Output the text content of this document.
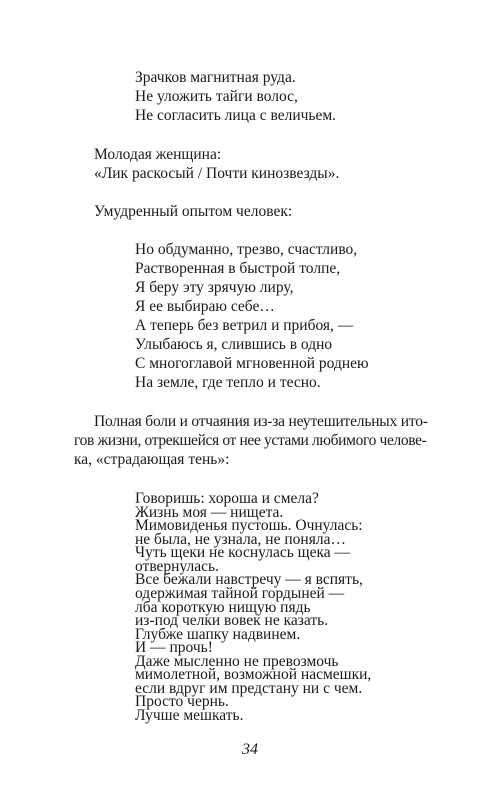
Зрачков магнитная руда.
Не уложить тайги волос,
Не согласить лица с величьем.
Молодая женщина:
«Лик раскосый / Почти кинозвезды».
Умудренный опытом человек:
Но обдуманно, трезво, счастливо,
Растворенная в быстрой толпе,
Я беру эту зрячую лиру,
Я ее выбираю себе…
А теперь без ветрил и прибоя, —
Улыбаюсь я, слившись в одно
С многоглавой мгновенной роднею
На земле, где тепло и тесно.
Полная боли и отчаяния из-за неутешительных ито-
гов жизни, отрекшейся от нее устами любимого челове-
ка, «страдающая тень»:
Говоришь: хороша и смела?
Жизнь моя — нищета.
Мимовиденья пустошь. Очнулась:
не была, не узнала, не поняла…
Чуть щеки не коснулась щека —
отвернулась.
Все бежали навстречу — я вспять,
одержимая тайной гордыней —
лба короткую нищую пядь
из-под челки вовек не казать.
Глубже шапку надвинем.
И — прочь!
Даже мысленно не превозмочь
мимолетной, возможной насмешки,
если вдруг им предстану ни с чем.
Просто чернь.
Лучше мешкать.
34
